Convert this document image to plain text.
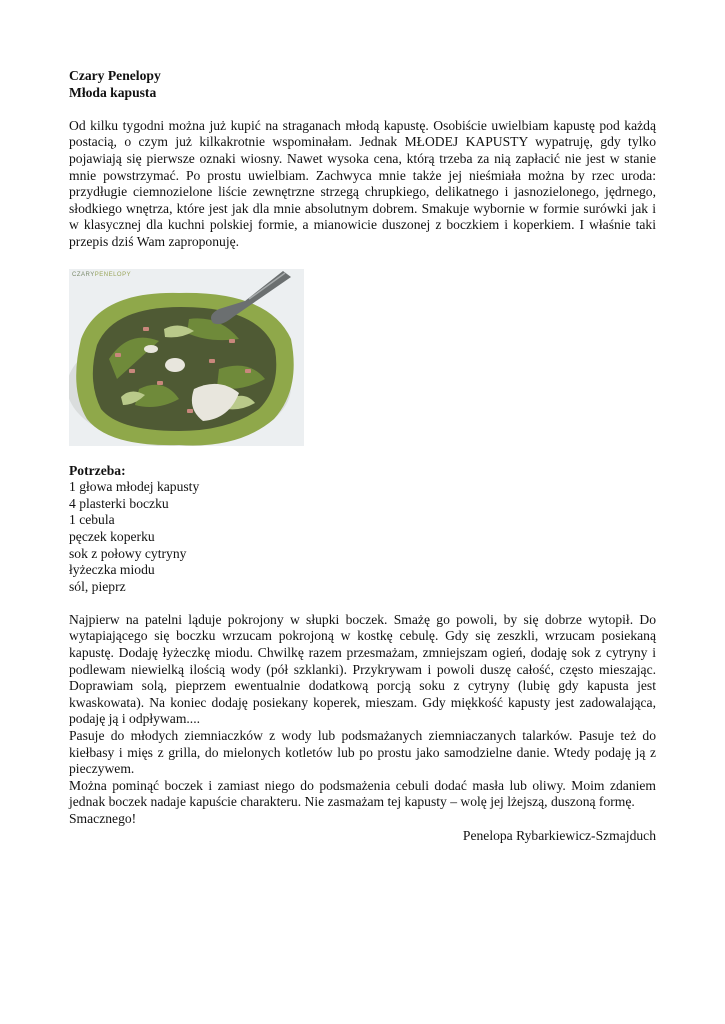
Czary Penelopy

Młoda kapusta

Od kilku tygodni można już kupić na straganach młodą kapustę. Osobiście uwielbiam kapustę pod każdą postacią, o czym już kilkakrotnie wspominałam. Jednak MŁODEJ KAPUSTY wypatruję, gdy tylko pojawiają się pierwsze oznaki wiosny. Nawet wysoka cena, którą trzeba za nią zapłacić nie jest w stanie mnie powstrzymać. Po prostu uwielbiam. Zachwyca mnie także jej nieśmiała można by rzec uroda: przydługie ciemnozielone liście zewnętrzne strzegą chrupkiego, delikatnego i jasnozielonego, jędrnego, słodkiego wnętrza, które jest jak dla mnie absolutnym dobrem. Smakuje wybornie w formie surówki jak i w klasycznej dla kuchni polskiej formie, a mianowicie duszonej z boczkiem i koperkiem. I właśnie taki przepis dziś Wam zaproponuję.

CZARYPENELOPY

Potrzeba:

1 głowa młodej kapusty

4 plasterki boczku

1 cebula

pęczek koperku

sok z połowy cytryny

łyżeczka miodu

sól, pieprz

Najpierw na patelni ląduje pokrojony w słupki boczek. Smażę go powoli, by się dobrze wytopił. Do wytapiającego się boczku wrzucam pokrojoną w kostkę cebulę. Gdy się zeszkli, wrzucam posiekaną kapustę. Dodaję łyżeczkę miodu. Chwilkę razem przesmażam, zmniejszam ogień, dodaję sok z cytryny i podlewam niewielką ilością wody (pół szklanki). Przykrywam i powoli duszę całość, często mieszając. Doprawiam solą, pieprzem ewentualnie dodatkową porcją soku z cytryny (lubię gdy kapusta jest kwaskowata). Na koniec dodaję posiekany koperek, mieszam. Gdy miękkość kapusty jest zadowalająca, podaję ją i odpływam....

Pasuje do młodych ziemniaczków z wody lub podsmażanych ziemniaczanych talarków. Pasuje też do kiełbasy i mięs z grilla, do mielonych kotletów lub po prostu jako samodzielne danie. Wtedy podaję ją z pieczywem.

Można pominąć boczek i zamiast niego do podsmażenia cebuli dodać masła lub oliwy. Moim zdaniem jednak boczek nadaje kapuście charakteru. Nie zasmażam tej kapusty – wolę jej lżejszą, duszoną formę.

Smacznego!

Penelopa Rybarkiewicz-Szmajduch
